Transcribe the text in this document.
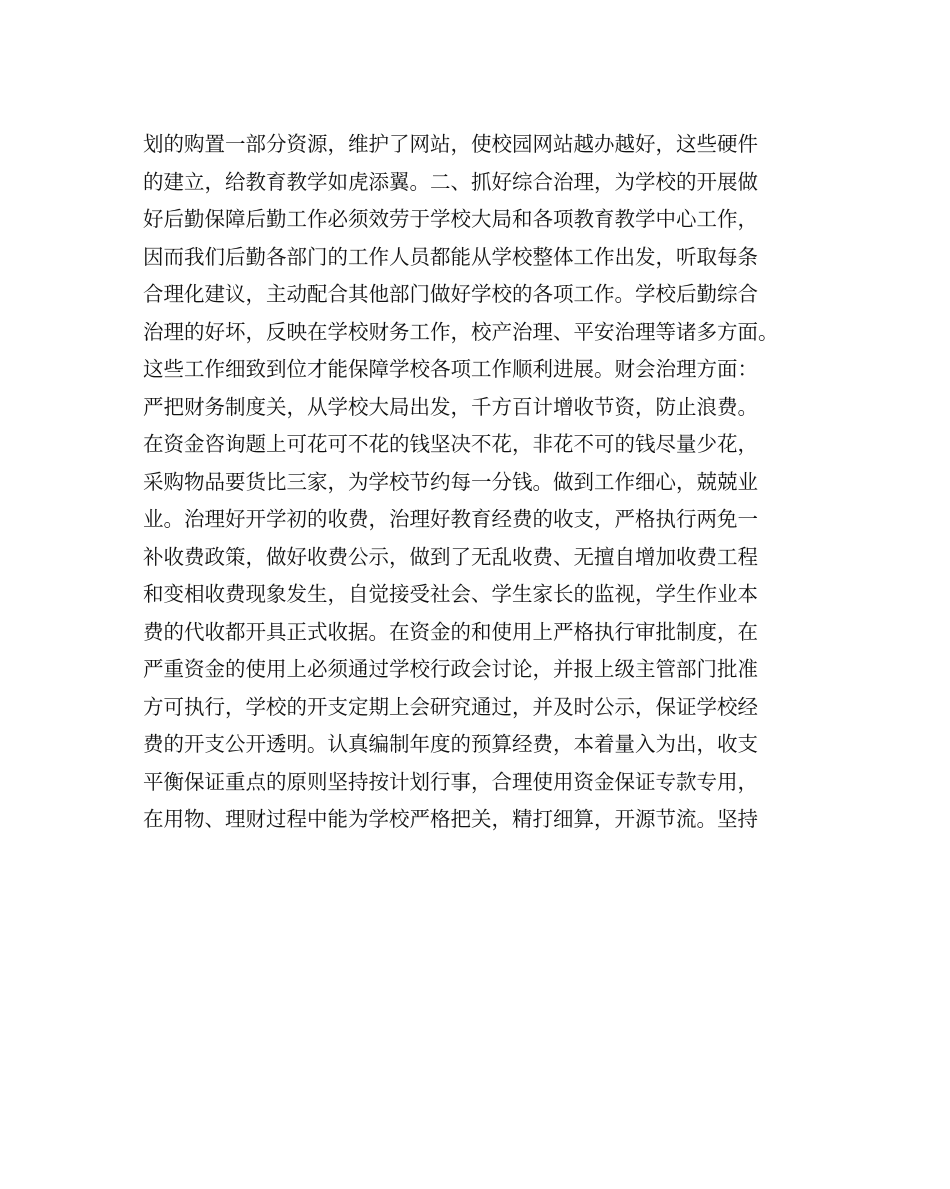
划的购置一部分资源，维护了网站，使校园网站越办越好，这些硬件
的建立，给教育教学如虎添翼。二、抓好综合治理，为学校的开展做
好后勤保障后勤工作必须效劳于学校大局和各项教育教学中心工作，
因而我们后勤各部门的工作人员都能从学校整体工作出发，听取每条
合理化建议，主动配合其他部门做好学校的各项工作。学校后勤综合
治理的好坏，反映在学校财务工作，校产治理、平安治理等诸多方面。
这些工作细致到位才能保障学校各项工作顺利进展。财会治理方面：
严把财务制度关，从学校大局出发，千方百计增收节资，防止浪费。
在资金咨询题上可花可不花的钱坚决不花，非花不可的钱尽量少花，
采购物品要货比三家，为学校节约每一分钱。做到工作细心，兢兢业
业。治理好开学初的收费，治理好教育经费的收支，严格执行两免一
补收费政策，做好收费公示，做到了无乱收费、无擅自增加收费工程
和变相收费现象发生，自觉接受社会、学生家长的监视，学生作业本
费的代收都开具正式收据。在资金的和使用上严格执行审批制度，在
严重资金的使用上必须通过学校行政会讨论，并报上级主管部门批准
方可执行，学校的开支定期上会研究通过，并及时公示，保证学校经
费的开支公开透明。认真编制年度的预算经费，本着量入为出，收支
平衡保证重点的原则坚持按计划行事，合理使用资金保证专款专用，
在用物、理财过程中能为学校严格把关，精打细算，开源节流。坚持
